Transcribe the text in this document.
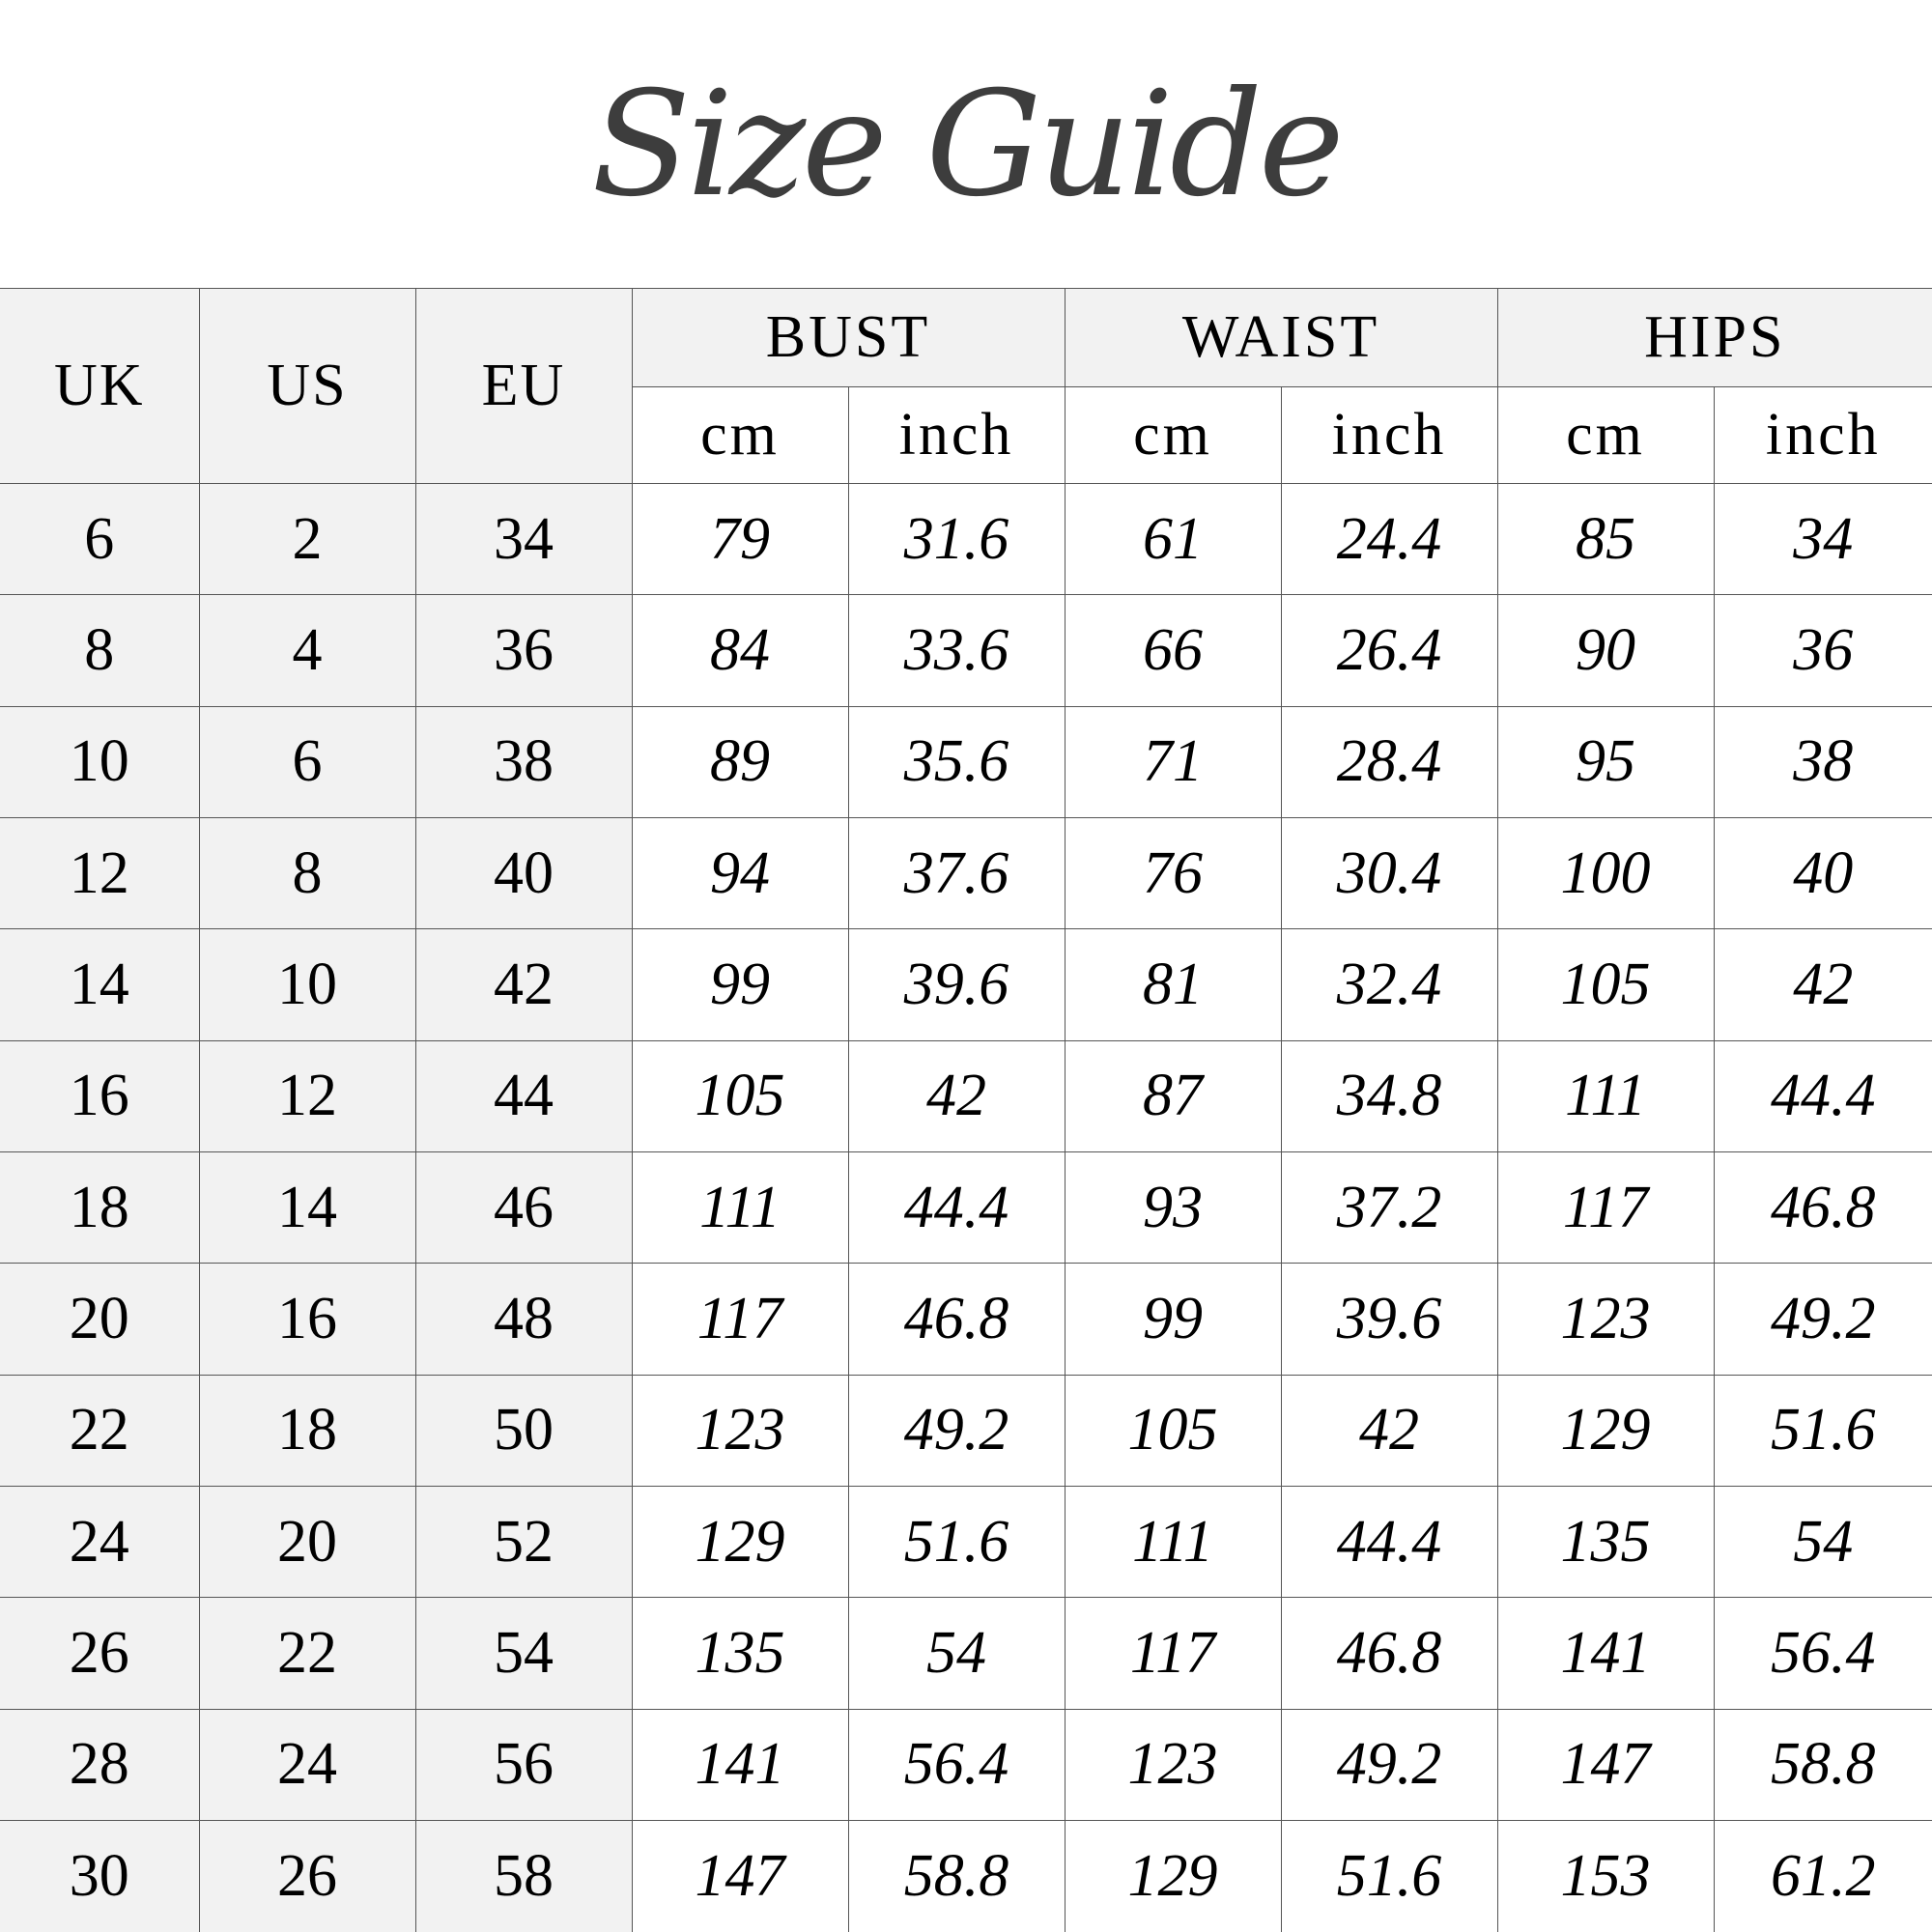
Size Guide
UK	US	EU	BUST		WAIST		HIPS	
			cm	inch	cm	inch	cm	inch
6	2	34	79	31.6	61	24.4	85	34
8	4	36	84	33.6	66	26.4	90	36
10	6	38	89	35.6	71	28.4	95	38
12	8	40	94	37.6	76	30.4	100	40
14	10	42	99	39.6	81	32.4	105	42
16	12	44	105	42	87	34.8	111	44.4
18	14	46	111	44.4	93	37.2	117	46.8
20	16	48	117	46.8	99	39.6	123	49.2
22	18	50	123	49.2	105	42	129	51.6
24	20	52	129	51.6	111	44.4	135	54
26	22	54	135	54	117	46.8	141	56.4
28	24	56	141	56.4	123	49.2	147	58.8
30	26	58	147	58.8	129	51.6	153	61.2
